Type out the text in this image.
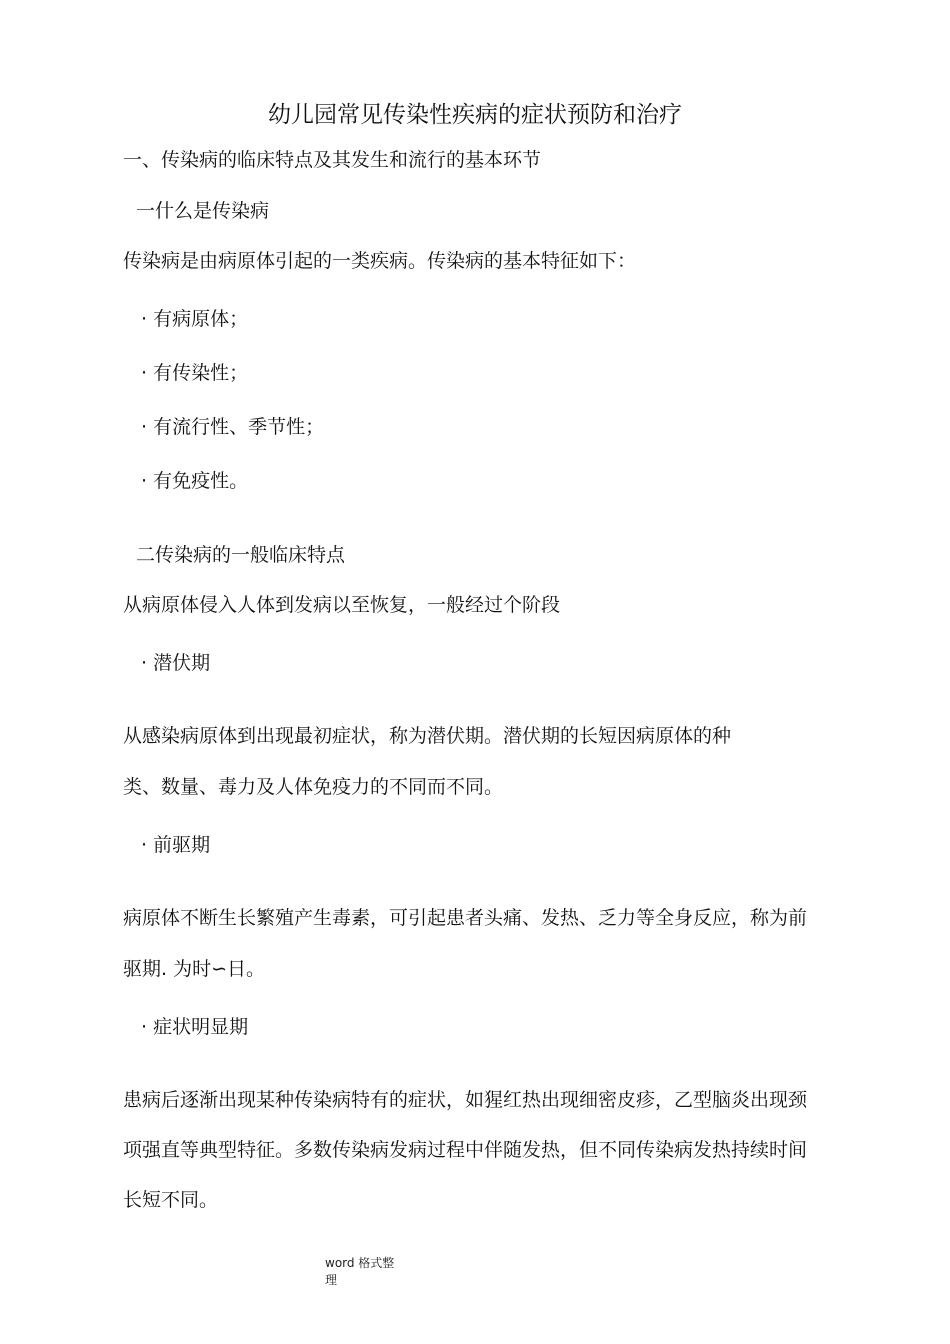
幼儿园常见传染性疾病的症状预防和治疗
一、传染病的临床特点及其发生和流行的基本环节
一什么是传染病
传染病是由病原体引起的一类疾病。传染病的基本特征如下：
· 有病原体；
· 有传染性；
· 有流行性、季节性；
· 有免疫性。
二传染病的一般临床特点
从病原体侵入人体到发病以至恢复，一般经过个阶段
· 潜伏期
从感染病原体到出现最初症状，称为潜伏期。潜伏期的长短因病原体的种
类、数量、毒力及人体免疫力的不同而不同。
· 前驱期
病原体不断生长繁殖产生毒素，可引起患者头痛、发热、乏力等全身反应，称为前
驱期. 为时∽日。
· 症状明显期
患病后逐渐出现某种传染病特有的症状，如猩红热出现细密皮疹，乙型脑炎出现颈
项强直等典型特征。多数传染病发病过程中伴随发热，但不同传染病发热持续时间
长短不同。
word 格式整
理
